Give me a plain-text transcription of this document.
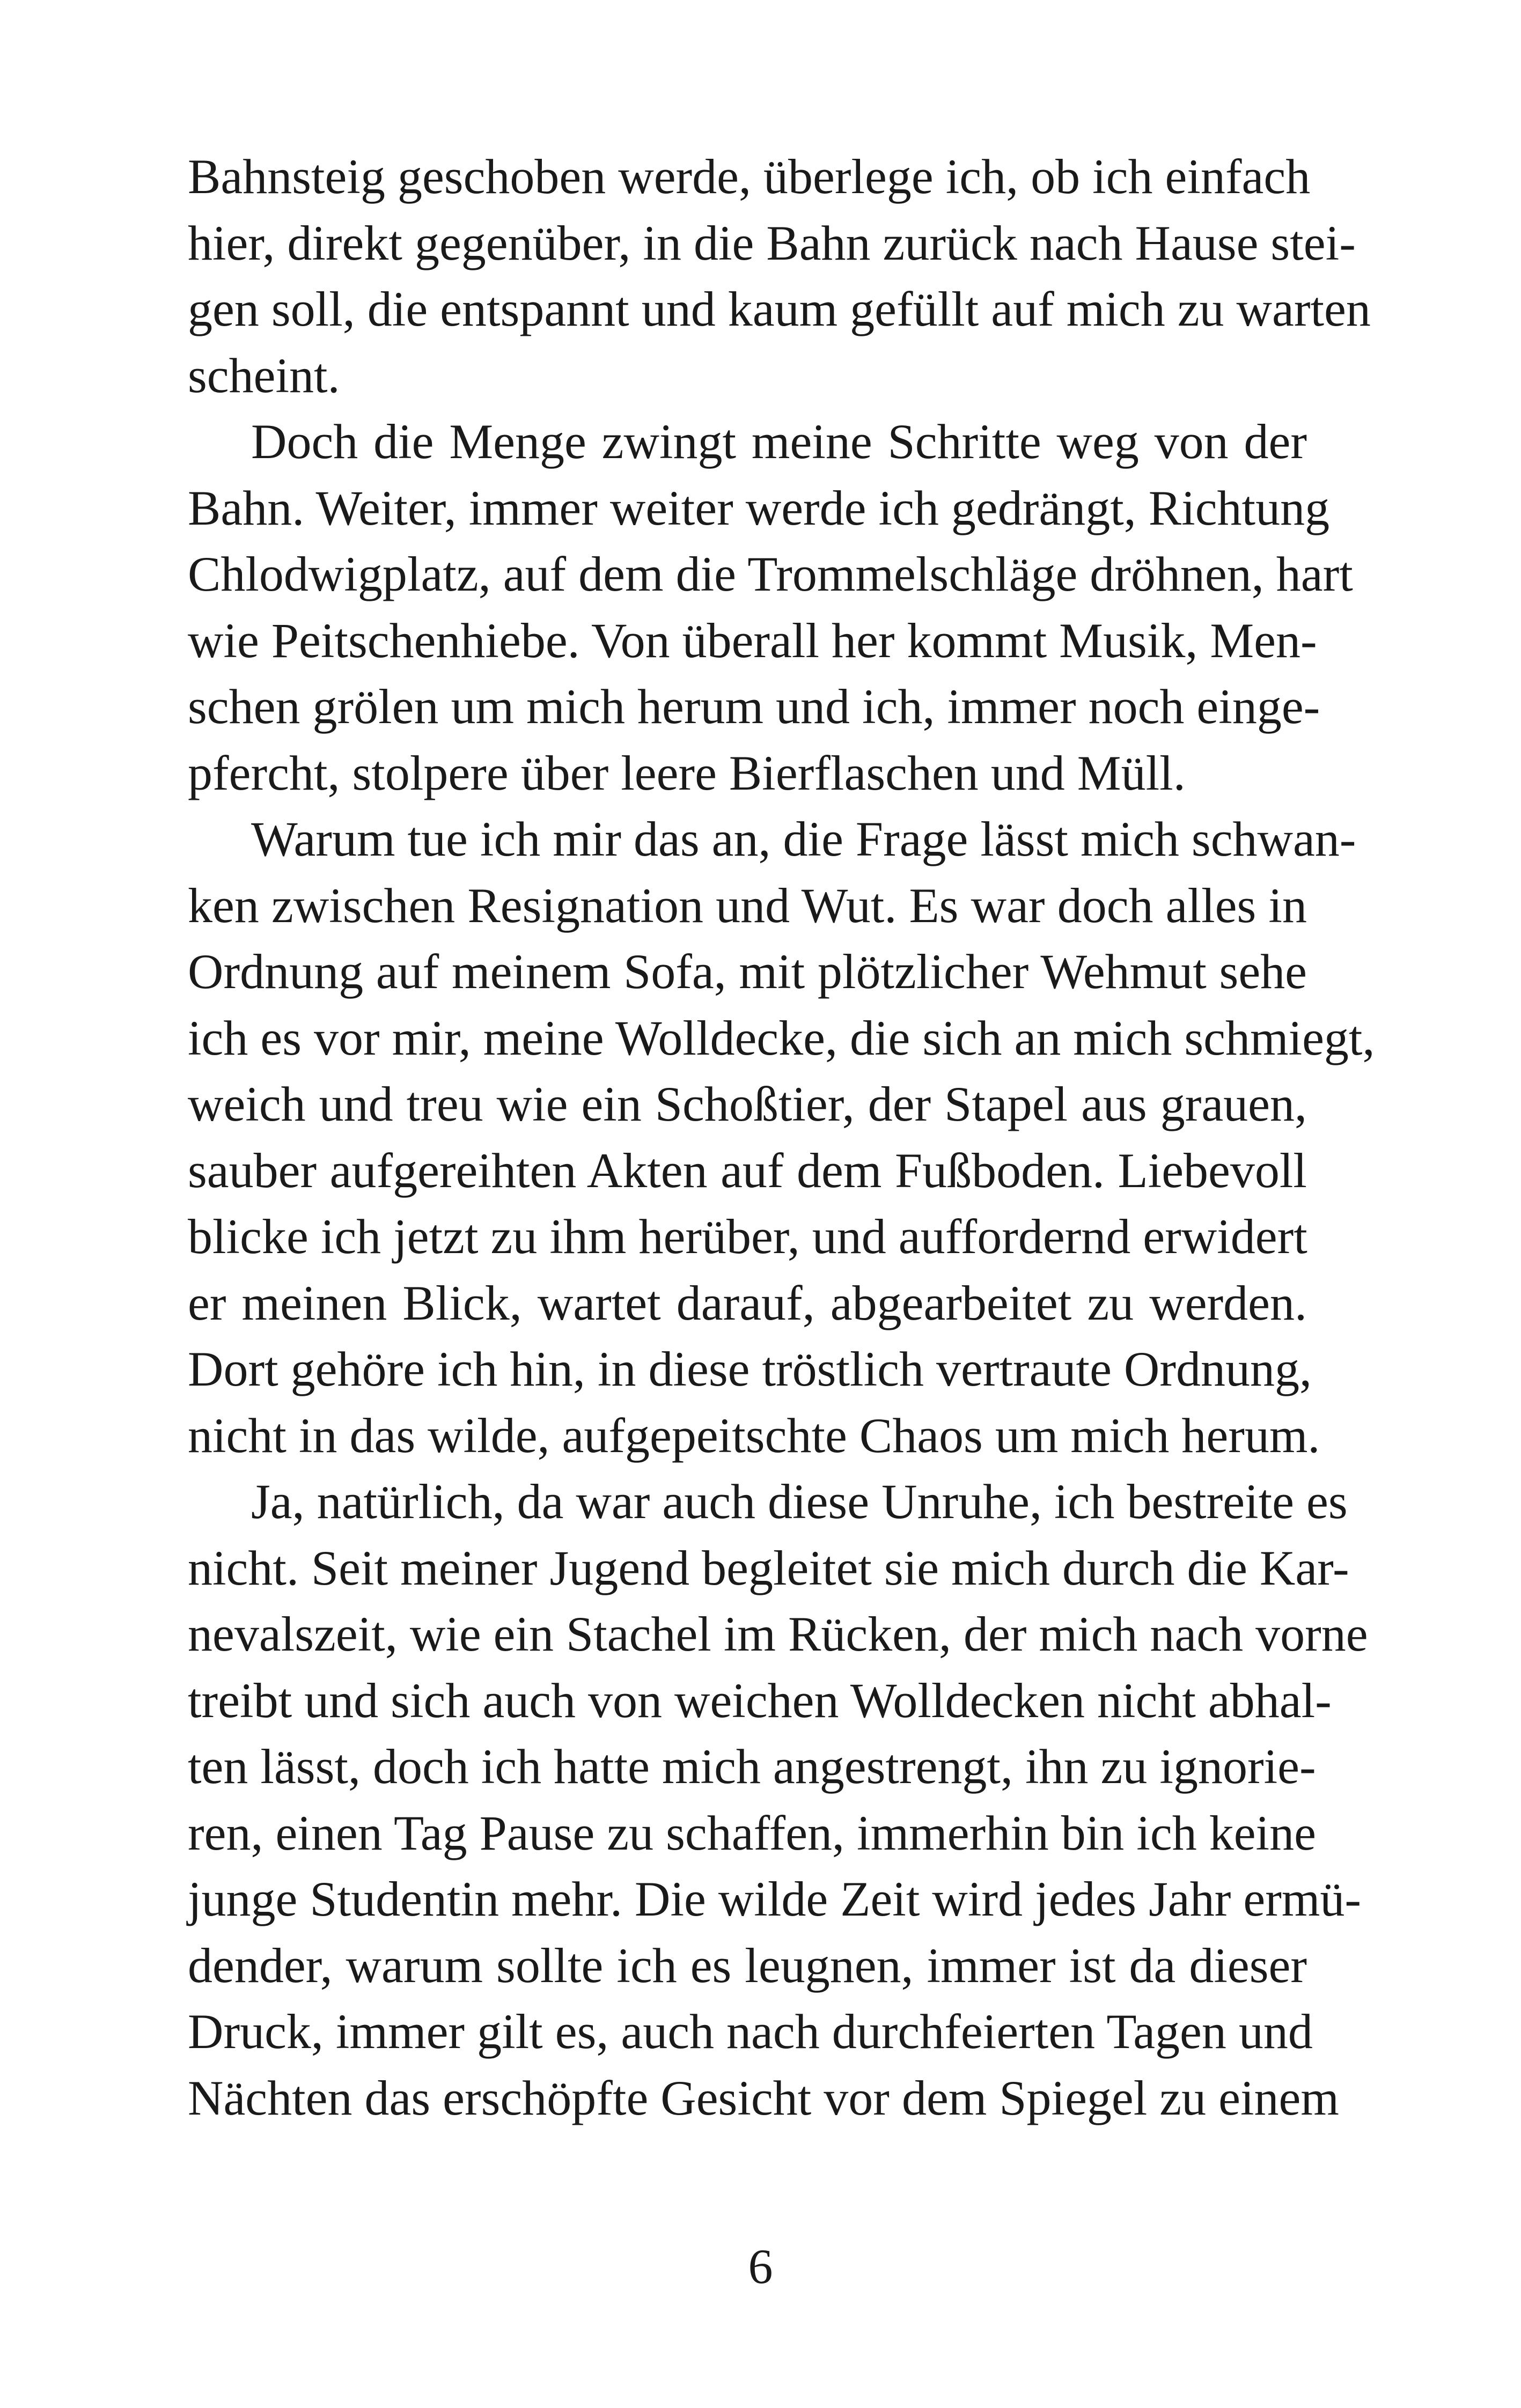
Bahnsteig geschoben werde, überlege ich, ob ich einfach
hier, direkt gegenüber, in die Bahn zurück nach Hause stei-
gen soll, die entspannt und kaum gefüllt auf mich zu warten
scheint.

Doch die Menge zwingt meine Schritte weg von der
Bahn. Weiter, immer weiter werde ich gedrängt, Richtung
Chlodwigplatz, auf dem die Trommelschläge dröhnen, hart
wie Peitschenhiebe. Von überall her kommt Musik, Men-
schen grölen um mich herum und ich, immer noch einge-
pfercht, stolpere über leere Bierflaschen und Müll.

Warum tue ich mir das an, die Frage lässt mich schwan-
ken zwischen Resignation und Wut. Es war doch alles in
Ordnung auf meinem Sofa, mit plötzlicher Wehmut sehe
ich es vor mir, meine Wolldecke, die sich an mich schmiegt,
weich und treu wie ein Schoßtier, der Stapel aus grauen,
sauber aufgereihten Akten auf dem Fußboden. Liebevoll
blicke ich jetzt zu ihm herüber, und auffordernd erwidert
er meinen Blick, wartet darauf, abgearbeitet zu werden.
Dort gehöre ich hin, in diese tröstlich vertraute Ordnung,
nicht in das wilde, aufgepeitschte Chaos um mich herum.

Ja, natürlich, da war auch diese Unruhe, ich bestreite es
nicht. Seit meiner Jugend begleitet sie mich durch die Kar-
nevalszeit, wie ein Stachel im Rücken, der mich nach vorne
treibt und sich auch von weichen Wolldecken nicht abhal-
ten lässt, doch ich hatte mich angestrengt, ihn zu ignorie-
ren, einen Tag Pause zu schaffen, immerhin bin ich keine
junge Studentin mehr. Die wilde Zeit wird jedes Jahr ermü-
dender, warum sollte ich es leugnen, immer ist da dieser
Druck, immer gilt es, auch nach durchfeierten Tagen und
Nächten das erschöpfte Gesicht vor dem Spiegel zu einem

6
